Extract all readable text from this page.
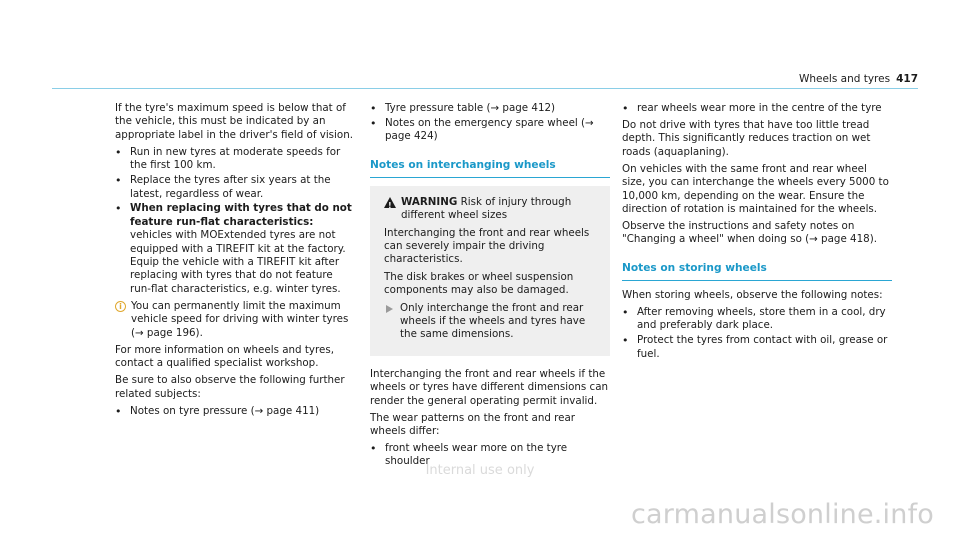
Wheels and tyres 417

If the tyre's maximum speed is below that of the vehicle, this must be indicated by an appropriate label in the driver's field of vision.

• Run in new tyres at moderate speeds for the first 100 km.
• Replace the tyres after six years at the latest, regardless of wear.
• When replacing with tyres that do not feature run-flat characteristics: vehicles with MOExtended tyres are not equipped with a TIREFIT kit at the factory. Equip the vehicle with a TIREFIT kit after replacing with tyres that do not feature run-flat characteristics, e.g. winter tyres.

i You can permanently limit the maximum vehicle speed for driving with winter tyres (→ page 196).

For more information on wheels and tyres, contact a qualified specialist workshop.

Be sure to also observe the following further related subjects:

• Notes on tyre pressure (→ page 411)
• Tyre pressure table (→ page 412)
• Notes on the emergency spare wheel (→ page 424)
Notes on interchanging wheels
!
WARNING Risk of injury through different wheel sizes

Interchanging the front and rear wheels can severely impair the driving characteristics.

The disk brakes or wheel suspension components may also be damaged.

Only interchange the front and rear wheels if the wheels and tyres have the same dimensions.

Interchanging the front and rear wheels if the wheels or tyres have different dimensions can render the general operating permit invalid.

The wear patterns on the front and rear wheels differ:

• front wheels wear more on the tyre shoulder
• rear wheels wear more in the centre of the tyre

Do not drive with tyres that have too little tread depth. This significantly reduces traction on wet roads (aquaplaning).

On vehicles with the same front and rear wheel size, you can interchange the wheels every 5000 to 10,000 km, depending on the wear. Ensure the direction of rotation is maintained for the wheels.

Observe the instructions and safety notes on "Changing a wheel" when doing so (→ page 418).

Notes on storing wheels

When storing wheels, observe the following notes:

• After removing wheels, store them in a cool, dry and preferably dark place.
• Protect the tyres from contact with oil, grease or fuel.
Internal use only
carmanualsonline.info
